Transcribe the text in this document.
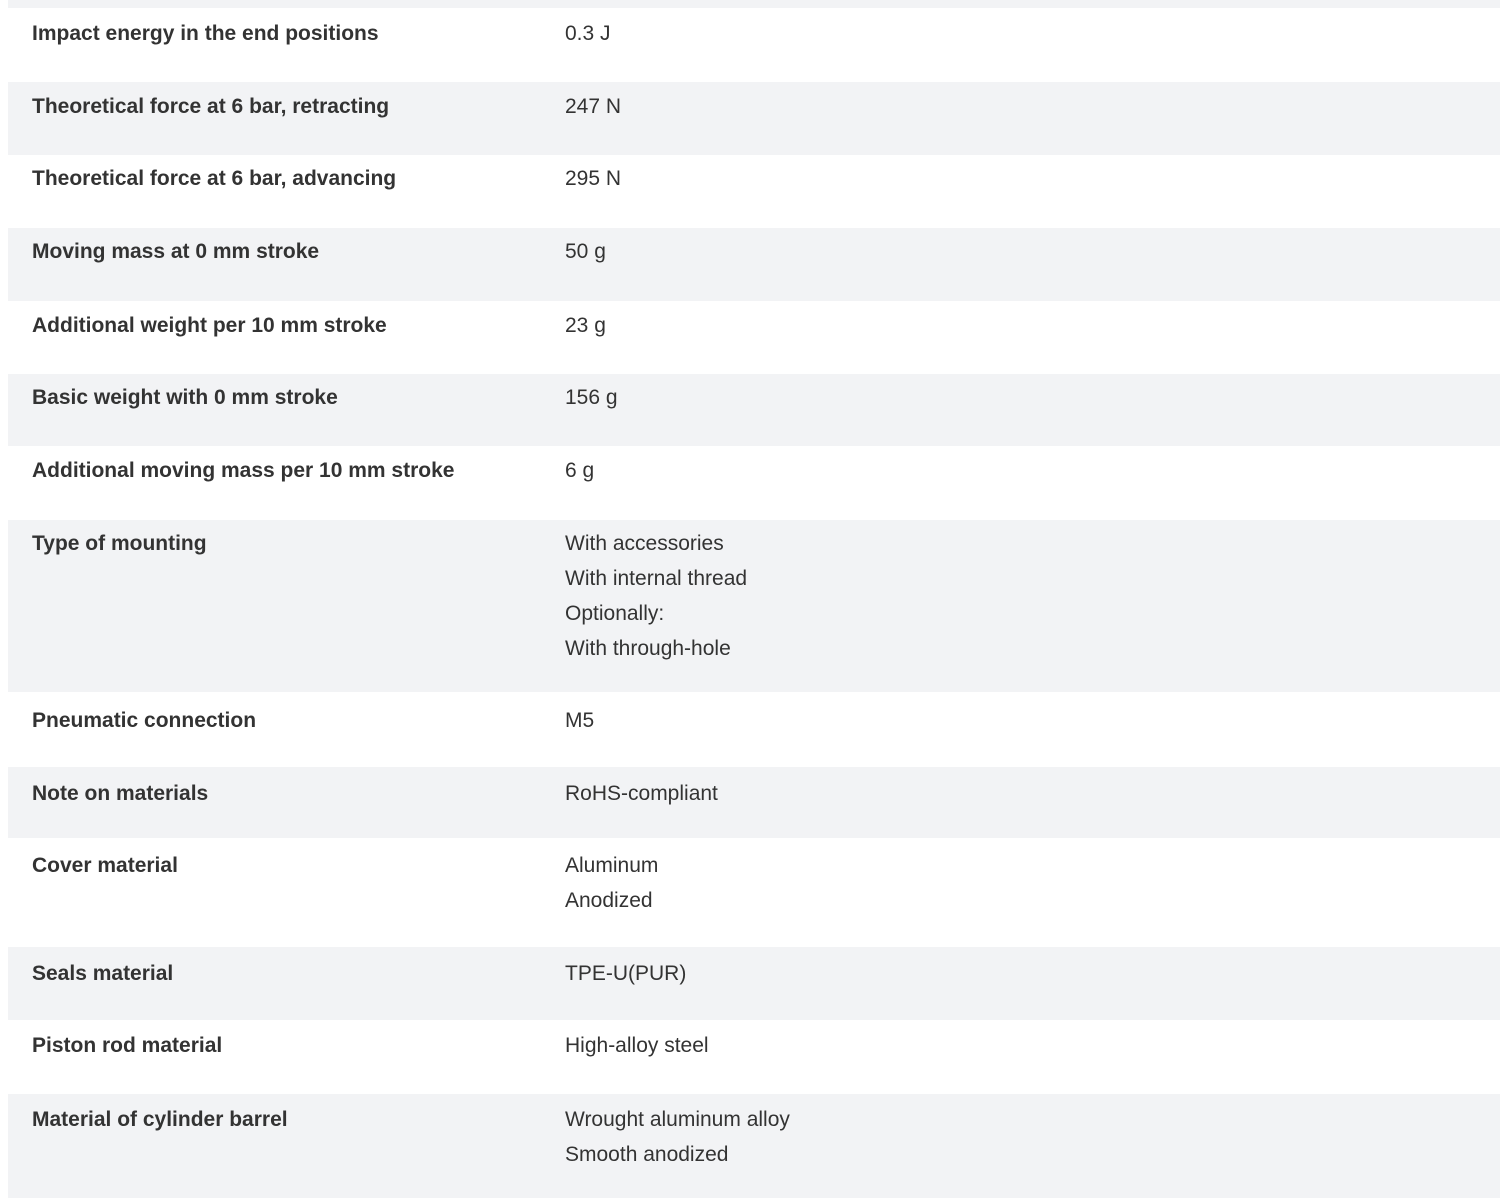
Impact energy in the end positions	0.3 J
Theoretical force at 6 bar, retracting	247 N
Theoretical force at 6 bar, advancing	295 N
Moving mass at 0 mm stroke	50 g
Additional weight per 10 mm stroke	23 g
Basic weight with 0 mm stroke	156 g
Additional moving mass per 10 mm stroke	6 g
Type of mounting	With accessories
With internal thread
Optionally:
With through-hole
Pneumatic connection	M5
Note on materials	RoHS-compliant
Cover material	Aluminum
Anodized
Seals material	TPE-U(PUR)
Piston rod material	High-alloy steel
Material of cylinder barrel	Wrought aluminum alloy
Smooth anodized
